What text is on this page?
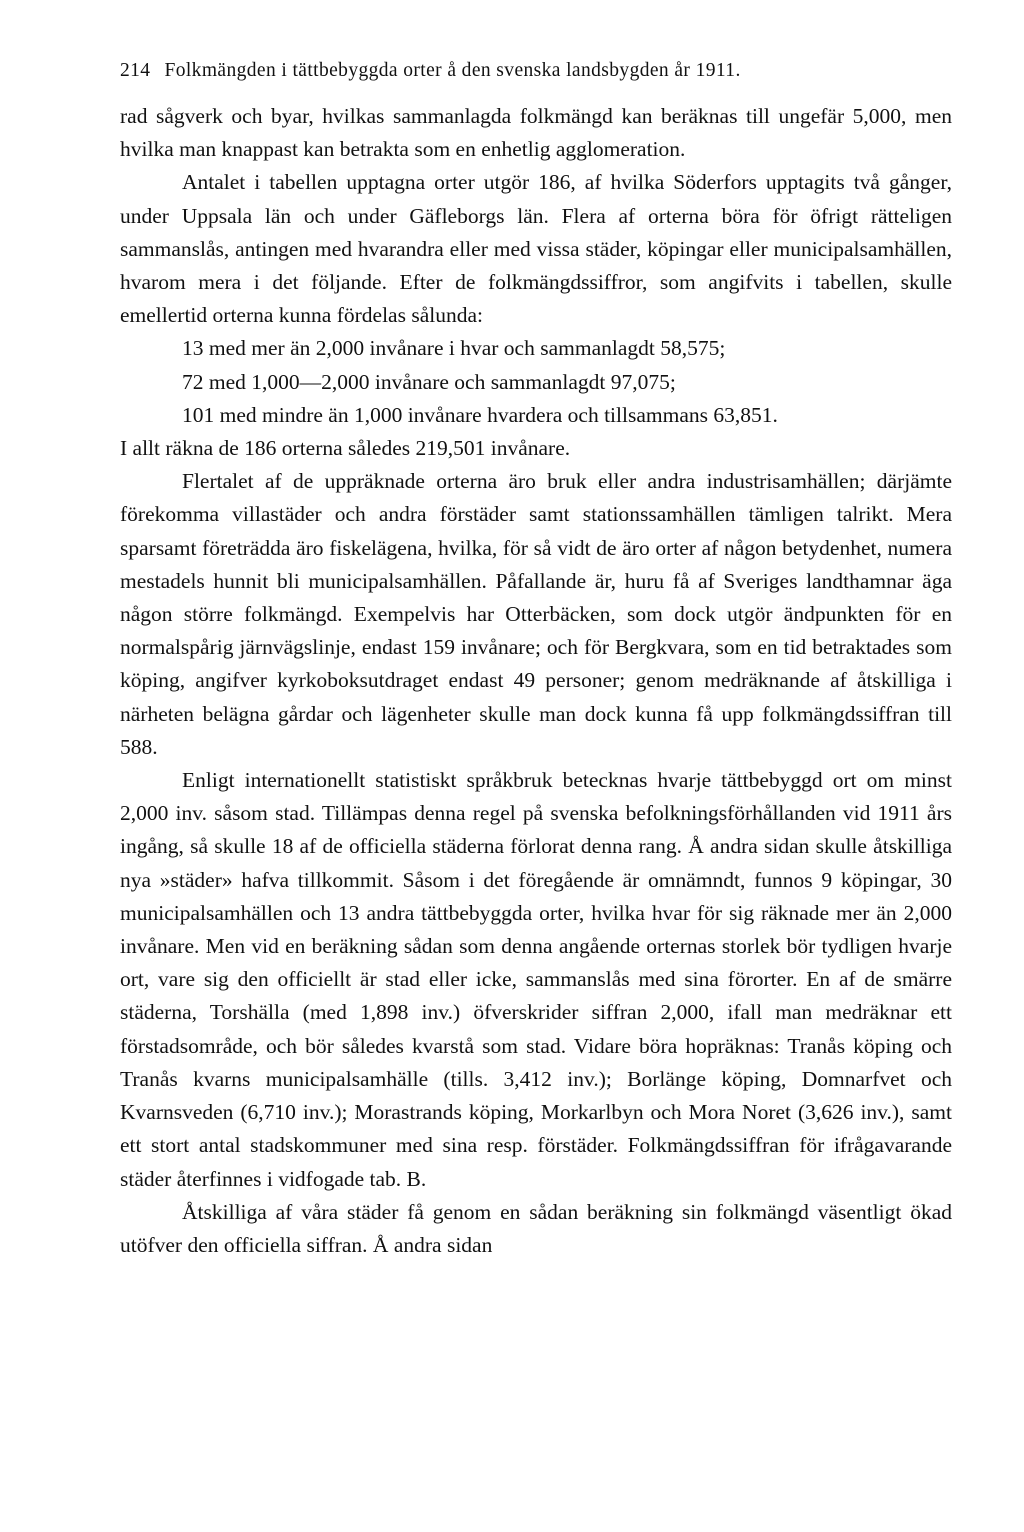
214 Folkmängden i tättbebyggda orter å den svenska landsbygden år 1911.

rad sågverk och byar, hvilkas sammanlagda folkmängd kan beräknas till ungefär 5,000, men hvilka man knappast kan betrakta som en enhetlig agglomeration.

Antalet i tabellen upptagna orter utgör 186, af hvilka Söderfors upptagits två gånger, under Uppsala län och under Gäfleborgs län. Flera af orterna böra för öfrigt rätteligen sammanslås, antingen med hvarandra eller med vissa städer, köpingar eller municipalsamhällen, hvarom mera i det följande. Efter de folkmängdssiffror, som angifvits i tabellen, skulle emellertid orterna kunna fördelas sålunda:

13 med mer än 2,000 invånare i hvar och sammanlagdt 58,575;

72 med 1,000—2,000 invånare och sammanlagdt 97,075;

101 med mindre än 1,000 invånare hvardera och tillsammans 63,851.

I allt räkna de 186 orterna således 219,501 invånare.

Flertalet af de uppräknade orterna äro bruk eller andra industrisamhällen; därjämte förekomma villastäder och andra förstäder samt stationssamhällen tämligen talrikt. Mera sparsamt företrädda äro fiskelägena, hvilka, för så vidt de äro orter af någon betydenhet, numera mestadels hunnit bli municipalsamhällen. Påfallande är, huru få af Sveriges landthamnar äga någon större folkmängd. Exempelvis har Otterbäcken, som dock utgör ändpunkten för en normalspårig järnvägslinje, endast 159 invånare; och för Bergkvara, som en tid betraktades som köping, angifver kyrkoboksutdraget endast 49 personer; genom medräknande af åtskilliga i närheten belägna gårdar och lägenheter skulle man dock kunna få upp folkmängdssiffran till 588.

Enligt internationellt statistiskt språkbruk betecknas hvarje tättbebyggd ort om minst 2,000 inv. såsom stad. Tillämpas denna regel på svenska befolkningsförhållanden vid 1911 års ingång, så skulle 18 af de officiella städerna förlorat denna rang. Å andra sidan skulle åtskilliga nya »städer» hafva tillkommit. Såsom i det föregående är omnämndt, funnos 9 köpingar, 30 municipalsamhällen och 13 andra tättbebyggda orter, hvilka hvar för sig räknade mer än 2,000 invånare. Men vid en beräkning sådan som denna angående orternas storlek bör tydligen hvarje ort, vare sig den officiellt är stad eller icke, sammanslås med sina förorter. En af de smärre städerna, Torshälla (med 1,898 inv.) öfverskrider siffran 2,000, ifall man medräknar ett förstadsområde, och bör således kvarstå som stad. Vidare böra hopräknas: Tranås köping och Tranås kvarns municipalsamhälle (tills. 3,412 inv.); Borlänge köping, Domnarfvet och Kvarnsveden (6,710 inv.); Morastrands köping, Morkarlbyn och Mora Noret (3,626 inv.), samt ett stort antal stadskommuner med sina resp. förstäder. Folkmängdssiffran för ifrågavarande städer återfinnes i vidfogade tab. B.

Åtskilliga af våra städer få genom en sådan beräkning sin folkmängd väsentligt ökad utöfver den officiella siffran. Å andra sidan
